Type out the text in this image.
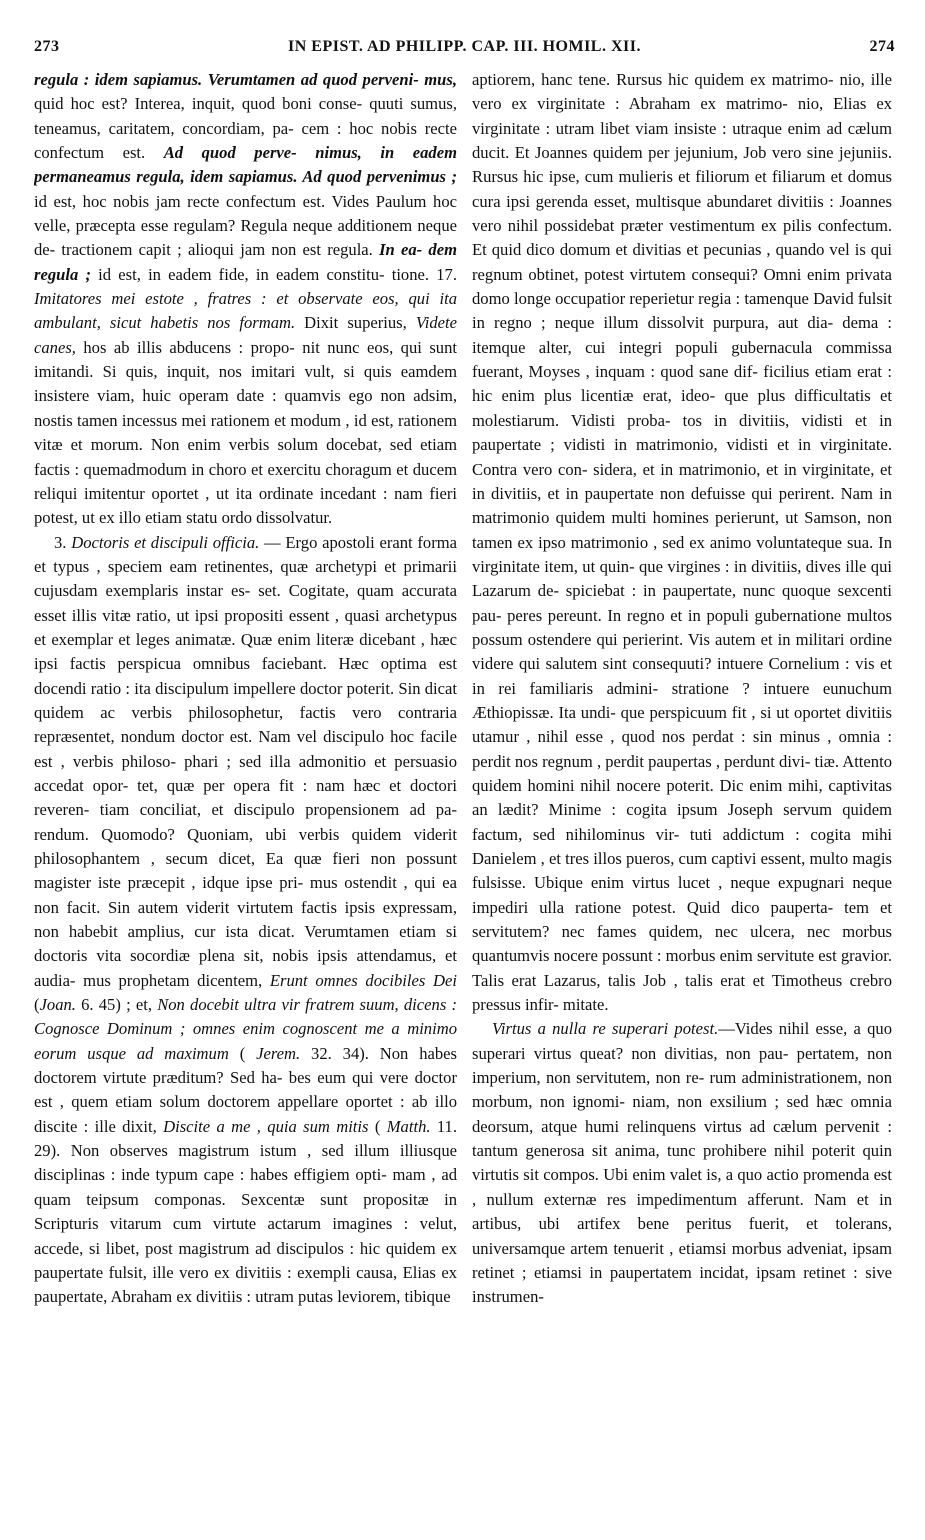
273	IN EPIST. AD PHILIPP. CAP. III. HOMIL. XII.	274

regula : idem sapiamus. Verumtamen ad quod perveni- mus, quid hoc est? Interea, inquit, quod boni conse- quuti sumus, teneamus, caritatem, concordiam, pa- cem : hoc nobis recte confectum est. Ad quod perve- nimus, in eadem permaneamus regula, idem sapiamus. Ad quod pervenimus ; id est, hoc nobis jam recte confectum est. Vides Paulum hoc velle, præcepta esse regulam? Regula neque additionem neque de- tractionem capit ; alioqui jam non est regula. In ea- dem regula ; id est, in eadem fide, in eadem constitu- tione. 17. Imitatores mei estote , fratres : et observate eos, qui ita ambulant, sicut habetis nos formam. Dixit superius, Videte canes, hos ab illis abducens : propo- nit nunc eos, qui sunt imitandi. Si quis, inquit, nos imitari vult, si quis eamdem insistere viam, huic operam date : quamvis ego non adsim, nostis tamen incessus mei rationem et modum , id est, rationem vitæ et morum. Non enim verbis solum docebat, sed etiam factis : quemadmodum in choro et exercitu choragum et ducem reliqui imitentur oportet , ut ita ordinate incedant : nam fieri potest, ut ex illo etiam statu ordo dissolvatur.

3. Doctoris et discipuli officia. — Ergo apostoli erant forma et typus , speciem eam retinentes, quæ archetypi et primarii cujusdam exemplaris instar es- set. Cogitate, quam accurata esset illis vitæ ratio, ut ipsi propositi essent , quasi archetypus et exemplar et leges animatæ. Quæ enim literæ dicebant , hæc ipsi factis perspicua omnibus faciebant. Hæc optima est docendi ratio : ita discipulum impellere doctor poterit. Sin dicat quidem ac verbis philosophetur, factis vero contraria repræsentet, nondum doctor est. Nam vel discipulo hoc facile est , verbis philoso- phari ; sed illa admonitio et persuasio accedat opor- tet, quæ per opera fit : nam hæc et doctori reveren- tiam conciliat, et discipulo propensionem ad pa- rendum. Quomodo? Quoniam, ubi verbis quidem viderit philosophantem , secum dicet, Ea quæ fieri non possunt magister iste præcepit , idque ipse pri- mus ostendit , qui ea non facit. Sin autem viderit virtutem factis ipsis expressam, non habebit amplius, cur ista dicat. Verumtamen etiam si doctoris vita socordiæ plena sit, nobis ipsis attendamus, et audia- mus prophetam dicentem, Erunt omnes docibiles Dei (Joan. 6. 45) ; et, Non docebit ultra vir fratrem suum, dicens : Cognosce Dominum ; omnes enim cognoscent me a minimo eorum usque ad maximum ( Jerem. 32. 34). Non habes doctorem virtute præditum? Sed ha- bes eum qui vere doctor est , quem etiam solum doctorem appellare oportet : ab illo discite : ille dixit, Discite a me , quia sum mitis ( Matth. 11. 29). Non observes magistrum istum , sed illum illiusque disciplinas : inde typum cape : habes effigiem opti- mam , ad quam teipsum componas. Sexcentæ sunt propositæ in Scripturis vitarum cum virtute actarum imagines : velut, accede, si libet, post magistrum ad discipulos : hic quidem ex paupertate fulsit, ille vero ex divitiis : exempli causa, Elias ex paupertate, Abraham ex divitiis : utram putas leviorem, tibique

aptiorem, hanc tene. Rursus hic quidem ex matrimo- nio, ille vero ex virginitate : Abraham ex matrimo- nio, Elias ex virginitate : utram libet viam insiste : utraque enim ad cælum ducit. Et Joannes quidem per jejunium, Job vero sine jejuniis. Rursus hic ipse, cum mulieris et filiorum et filiarum et domus cura ipsi gerenda esset, multisque abundaret divitiis : Joannes vero nihil possidebat præter vestimentum ex pilis confectum. Et quid dico domum et divitias et pecunias , quando vel is qui regnum obtinet, potest virtutem consequi? Omni enim privata domo longe occupatior reperietur regia : tamenque David fulsit in regno ; neque illum dissolvit purpura, aut dia- dema : itemque alter, cui integri populi gubernacula commissa fuerant, Moyses , inquam : quod sane dif- ficilius etiam erat : hic enim plus licentiæ erat, ideo- que plus difficultatis et molestiarum. Vidisti proba- tos in divitiis, vidisti et in paupertate ; vidisti in matrimonio, vidisti et in virginitate. Contra vero con- sidera, et in matrimonio, et in virginitate, et in divitiis, et in paupertate non defuisse qui perirent. Nam in matrimonio quidem multi homines perierunt, ut Samson, non tamen ex ipso matrimonio , sed ex animo voluntateque sua. In virginitate item, ut quin- que virgines : in divitiis, dives ille qui Lazarum de- spiciebat : in paupertate, nunc quoque sexcenti pau- peres pereunt. In regno et in populi gubernatione multos possum ostendere qui perierint. Vis autem et in militari ordine videre qui salutem sint consequuti? intuere Cornelium : vis et in rei familiaris admini- stratione ? intuere eunuchum Æthiopissæ. Ita undi- que perspicuum fit , si ut oportet divitiis utamur , nihil esse , quod nos perdat : sin minus , omnia : perdit nos regnum , perdit paupertas , perdunt divi- tiæ. Attento quidem homini nihil nocere poterit. Dic enim mihi, captivitas an lædit? Minime : cogita ipsum Joseph servum quidem factum, sed nihilominus vir- tuti addictum : cogita mihi Danielem , et tres illos pueros, cum captivi essent, multo magis fulsisse. Ubique enim virtus lucet , neque expugnari neque impediri ulla ratione potest. Quid dico paupertа- tem et servitutem? nec fames quidem, nec ulcera, nec morbus quantumvis nocere possunt : morbus enim servitute est gravior. Talis erat Lazarus, talis Job , talis erat et Timotheus crebro pressus infir- mitate.

Virtus a nulla re superari potest.—Vides nihil esse, a quo superari virtus queat? non divitias, non pau- pertatem, non imperium, non servitutem, non re- rum administrationem, non morbum, non ignomi- niam, non exsilium ; sed hæc omnia deorsum, atque humi relinquens virtus ad cælum pervenit : tantum generosa sit anima, tunc prohibere nihil poterit quin virtutis sit compos. Ubi enim valet is, a quo actio promenda est , nullum externæ res impedimentum afferunt. Nam et in artibus, ubi artifex bene peritus fuerit, et tolerans, universamque artem tenuerit , etiamsi morbus adveniat, ipsam retinet ; etiamsi in paupertatem incidat, ipsam retinet : sive instrumen-
